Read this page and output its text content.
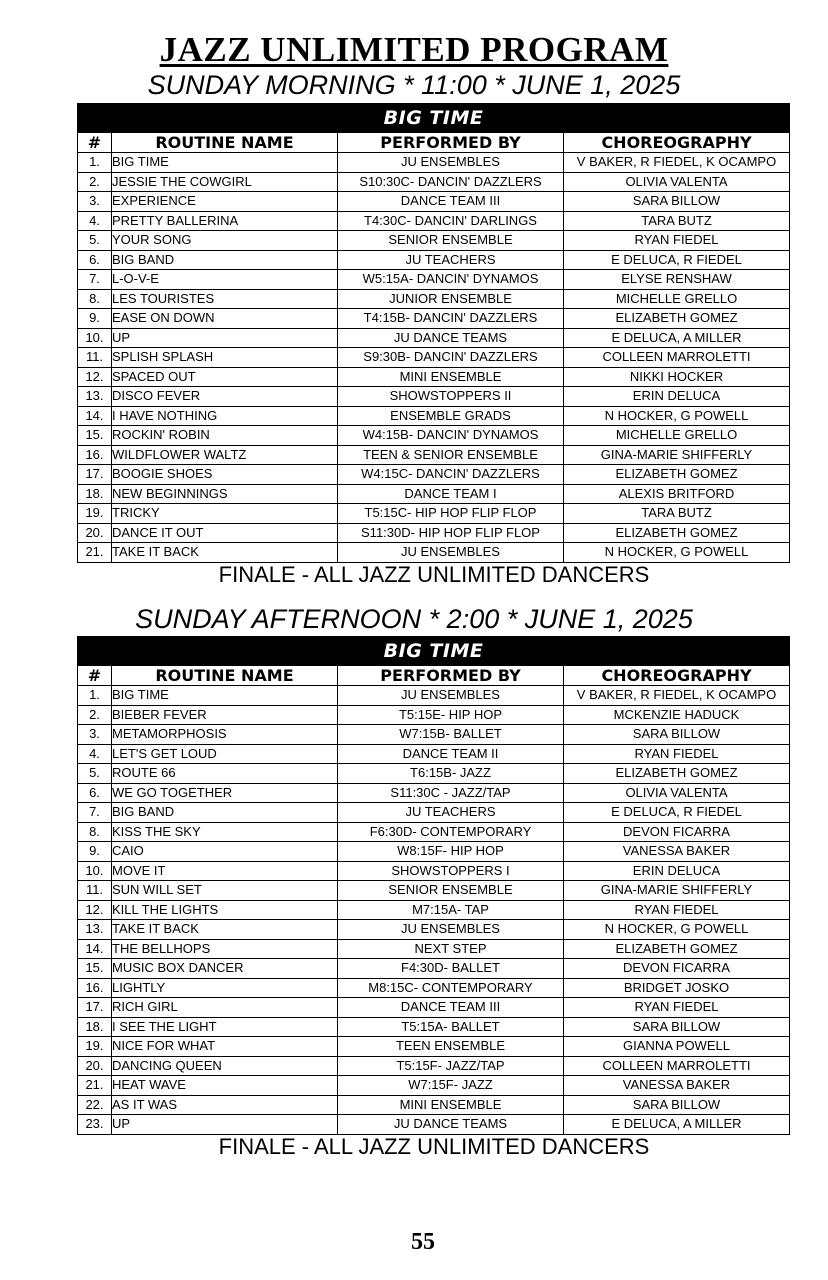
JAZZ UNLIMITED PROGRAM
SUNDAY MORNING * 11:00 * JUNE 1, 2025
BIG TIME			
#	ROUTINE NAME	PERFORMED BY	CHOREOGRAPHY
1.	BIG TIME	JU ENSEMBLES	V BAKER, R FIEDEL, K OCAMPO
2.	JESSIE THE COWGIRL	S10:30C- DANCIN' DAZZLERS	OLIVIA VALENTA
3.	EXPERIENCE	DANCE TEAM III	SARA BILLOW
4.	PRETTY BALLERINA	T4:30C- DANCIN' DARLINGS	TARA BUTZ
5.	YOUR SONG	SENIOR ENSEMBLE	RYAN FIEDEL
6.	BIG BAND	JU TEACHERS	E DELUCA, R FIEDEL
7.	L-O-V-E	W5:15A- DANCIN' DYNAMOS	ELYSE RENSHAW
8.	LES TOURISTES	JUNIOR ENSEMBLE	MICHELLE GRELLO
9.	EASE ON DOWN	T4:15B- DANCIN' DAZZLERS	ELIZABETH GOMEZ
10.	UP	JU DANCE TEAMS	E DELUCA, A MILLER
11.	SPLISH SPLASH	S9:30B- DANCIN' DAZZLERS	COLLEEN MARROLETTI
12.	SPACED OUT	MINI ENSEMBLE	NIKKI HOCKER
13.	DISCO FEVER	SHOWSTOPPERS II	ERIN DELUCA
14.	I HAVE NOTHING	ENSEMBLE GRADS	N HOCKER, G POWELL
15.	ROCKIN' ROBIN	W4:15B- DANCIN' DYNAMOS	MICHELLE GRELLO
16.	WILDFLOWER WALTZ	TEEN & SENIOR ENSEMBLE	GINA-MARIE SHIFFERLY
17.	BOOGIE SHOES	W4:15C- DANCIN' DAZZLERS	ELIZABETH GOMEZ
18.	NEW BEGINNINGS	DANCE TEAM I	ALEXIS BRITFORD
19.	TRICKY	T5:15C- HIP HOP FLIP FLOP	TARA BUTZ
20.	DANCE IT OUT	S11:30D- HIP HOP FLIP FLOP	ELIZABETH GOMEZ
21.	TAKE IT BACK	JU ENSEMBLES	N HOCKER, G POWELL
FINALE - ALL JAZZ UNLIMITED DANCERS
SUNDAY AFTERNOON * 2:00 * JUNE 1, 2025
BIG TIME			
#	ROUTINE NAME	PERFORMED BY	CHOREOGRAPHY
1.	BIG TIME	JU ENSEMBLES	V BAKER, R FIEDEL, K OCAMPO
2.	BIEBER FEVER	T5:15E- HIP HOP	MCKENZIE HADUCK
3.	METAMORPHOSIS	W7:15B- BALLET	SARA BILLOW
4.	LET'S GET LOUD	DANCE TEAM II	RYAN FIEDEL
5.	ROUTE 66	T6:15B- JAZZ	ELIZABETH GOMEZ
6.	WE GO TOGETHER	S11:30C - JAZZ/TAP	OLIVIA VALENTA
7.	BIG BAND	JU TEACHERS	E DELUCA, R FIEDEL
8.	KISS THE SKY	F6:30D- CONTEMPORARY	DEVON FICARRA
9.	CAIO	W8:15F- HIP HOP	VANESSA BAKER
10.	MOVE IT	SHOWSTOPPERS I	ERIN DELUCA
11.	SUN WILL SET	SENIOR ENSEMBLE	GINA-MARIE SHIFFERLY
12.	KILL THE LIGHTS	M7:15A- TAP	RYAN FIEDEL
13.	TAKE IT BACK	JU ENSEMBLES	N HOCKER, G POWELL
14.	THE BELLHOPS	NEXT STEP	ELIZABETH GOMEZ
15.	MUSIC BOX DANCER	F4:30D- BALLET	DEVON FICARRA
16.	LIGHTLY	M8:15C- CONTEMPORARY	BRIDGET JOSKO
17.	RICH GIRL	DANCE TEAM III	RYAN FIEDEL
18.	I SEE THE LIGHT	T5:15A- BALLET	SARA BILLOW
19.	NICE FOR WHAT	TEEN ENSEMBLE	GIANNA POWELL
20.	DANCING QUEEN	T5:15F- JAZZ/TAP	COLLEEN MARROLETTI
21.	HEAT WAVE	W7:15F- JAZZ	VANESSA BAKER
22.	AS IT WAS	MINI ENSEMBLE	SARA BILLOW
23.	UP	JU DANCE TEAMS	E DELUCA, A MILLER
FINALE - ALL JAZZ UNLIMITED DANCERS
55
